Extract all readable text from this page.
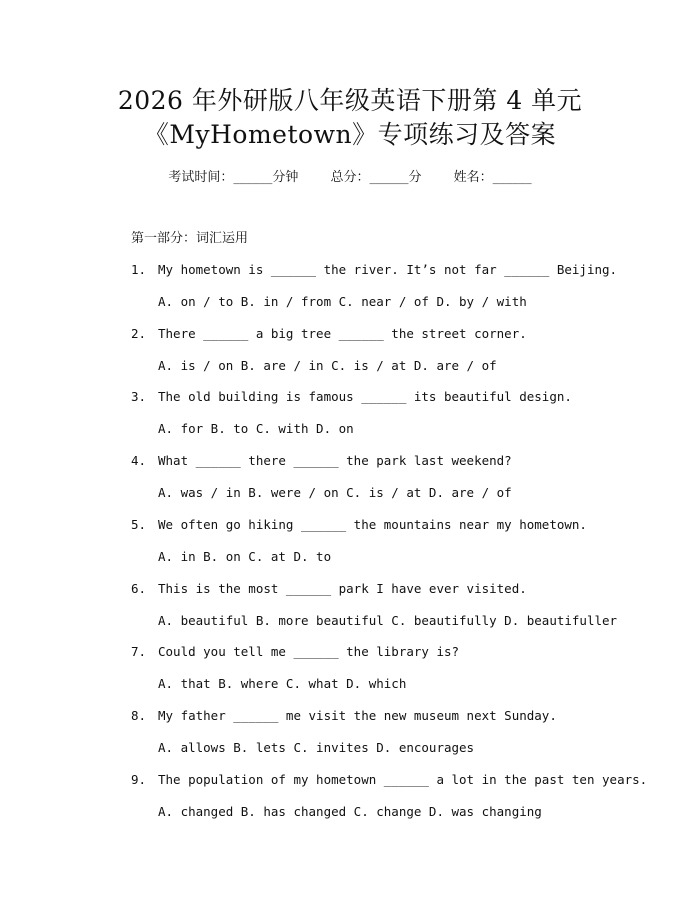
2026 年外研版八年级英语下册第 4 单元
《MyHometown》专项练习及答案
考试时间：______分钟 总分：______分 姓名：______
第一部分：词汇运用
1. My hometown is ______ the river. It’s not far ______ Beijing.
A. on / to B. in / from C. near / of D. by / with
2. There ______ a big tree ______ the street corner.
A. is / on B. are / in C. is / at D. are / of
3. The old building is famous ______ its beautiful design.
A. for B. to C. with D. on
4. What ______ there ______ the park last weekend?
A. was / in B. were / on C. is / at D. are / of
5. We often go hiking ______ the mountains near my hometown.
A. in B. on C. at D. to
6. This is the most ______ park I have ever visited.
A. beautiful B. more beautiful C. beautifully D. beautifuller
7. Could you tell me ______ the library is?
A. that B. where C. what D. which
8. My father ______ me visit the new museum next Sunday.
A. allows B. lets C. invites D. encourages
9. The population of my hometown ______ a lot in the past ten years.
A. changed B. has changed C. change D. was changing
